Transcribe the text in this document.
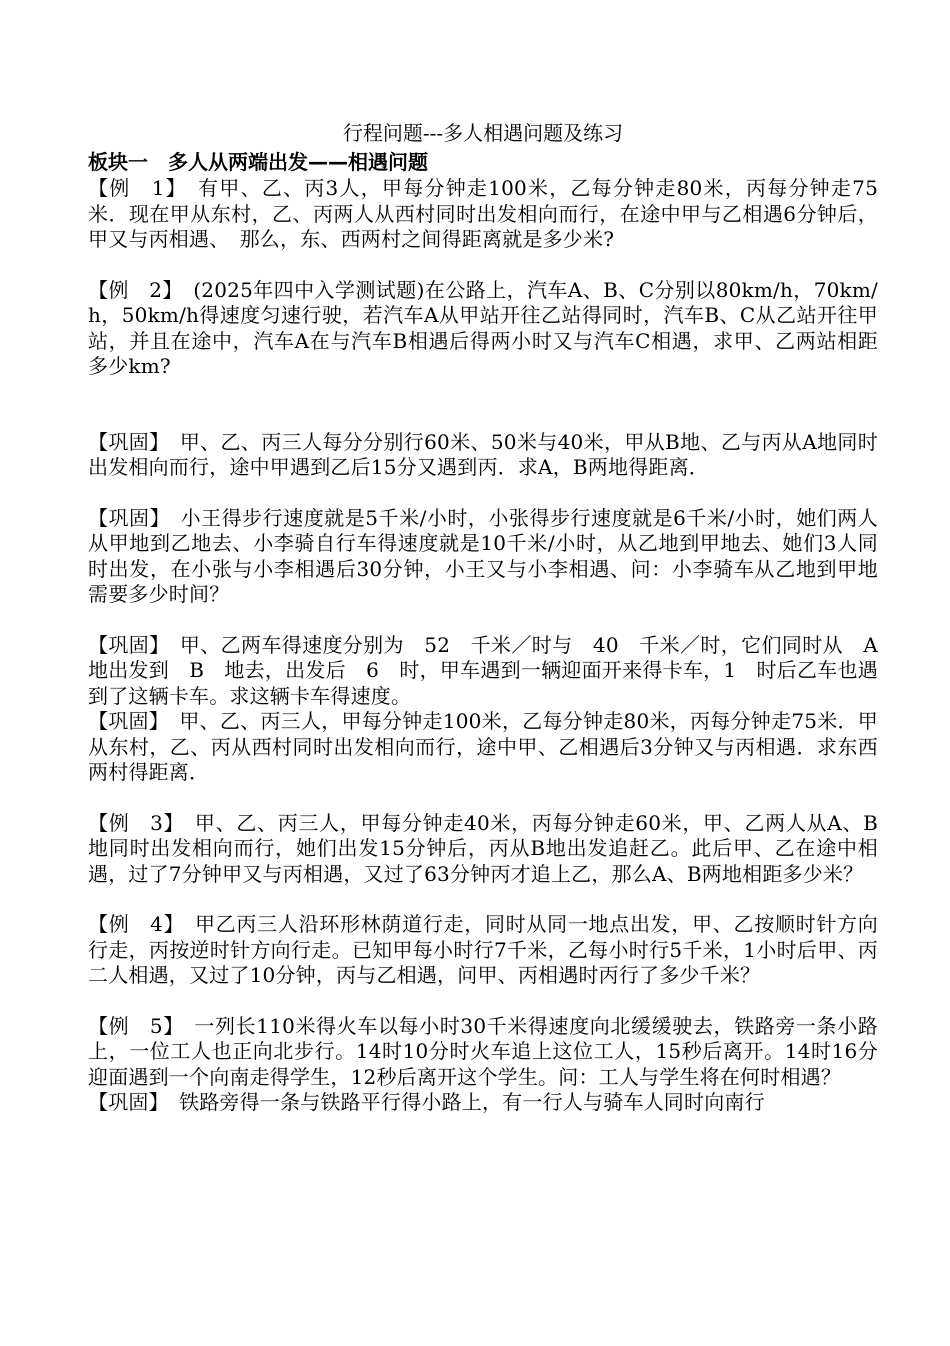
行程问题---多人相遇问题及练习

板块一　多人从两端出发——相遇问题

【例　1】　有甲、乙、丙3人，甲每分钟走100米，乙每分钟走80米，丙每分钟走75米．现在甲从东村，乙、丙两人从西村同时出发相向而行，在途中甲与乙相遇6分钟后，甲又与丙相遇、　那么，东、西两村之间得距离就是多少米?

【例　2】　(2025年四中入学测试题)在公路上，汽车A、B、C分别以80km/h，70km/h，50km/h得速度匀速行驶，若汽车A从甲站开往乙站得同时，汽车B、C从乙站开往甲站，并且在途中，汽车A在与汽车B相遇后得两小时又与汽车C相遇，求甲、乙两站相距多少km?

【巩固】　甲、乙、丙三人每分分别行60米、50米与40米，甲从B地、乙与丙从A地同时出发相向而行，途中甲遇到乙后15分又遇到丙．求A，B两地得距离．

【巩固】　小王得步行速度就是5千米/小时，小张得步行速度就是6千米/小时，她们两人从甲地到乙地去、小李骑自行车得速度就是10千米/小时，从乙地到甲地去、她们3人同时出发，在小张与小李相遇后30分钟，小王又与小李相遇、问：小李骑车从乙地到甲地需要多少时间？

【巩固】　甲、乙两车得速度分别为　52　千米／时与　40　千米／时，它们同时从　A　地出发到　B　地去，出发后　6　时，甲车遇到一辆迎面开来得卡车，1　时后乙车也遇到了这辆卡车。求这辆卡车得速度。

【巩固】　甲、乙、丙三人，甲每分钟走100米，乙每分钟走80米，丙每分钟走75米．甲从东村，乙、丙从西村同时出发相向而行，途中甲、乙相遇后3分钟又与丙相遇．求东西两村得距离．

【例　3】　甲、乙、丙三人，甲每分钟走40米，丙每分钟走60米，甲、乙两人从A、B地同时出发相向而行，她们出发15分钟后，丙从B地出发追赶乙。此后甲、乙在途中相遇，过了7分钟甲又与丙相遇，又过了63分钟丙才追上乙，那么A、B两地相距多少米？

【例　4】　甲乙丙三人沿环形林荫道行走，同时从同一地点出发，甲、乙按顺时针方向行走，丙按逆时针方向行走。已知甲每小时行7千米，乙每小时行5千米，1小时后甲、丙二人相遇，又过了10分钟，丙与乙相遇，问甲、丙相遇时丙行了多少千米？

【例　5】　一列长110米得火车以每小时30千米得速度向北缓缓驶去，铁路旁一条小路上，一位工人也正向北步行。14时10分时火车追上这位工人，15秒后离开。14时16分迎面遇到一个向南走得学生，12秒后离开这个学生。问：工人与学生将在何时相遇？

【巩固】　铁路旁得一条与铁路平行得小路上，有一行人与骑车人同时向南行
